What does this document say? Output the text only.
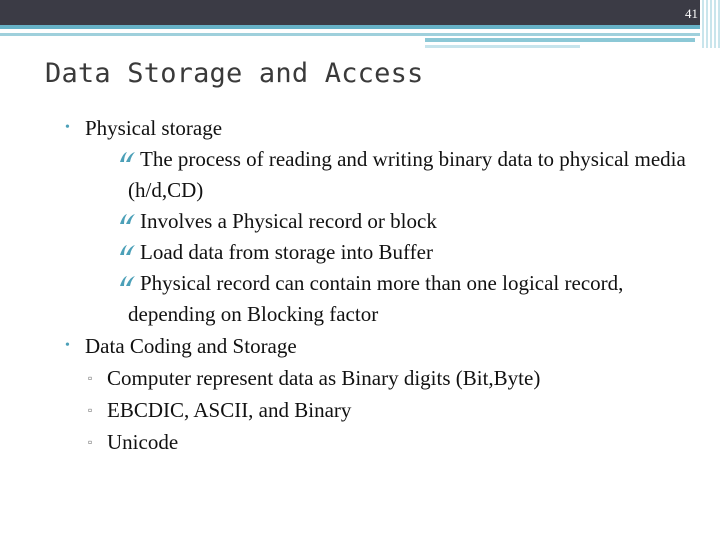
41
Data Storage and Access
• Physical storage
The process of reading and writing binary data to physical media (h/d,CD)
Involves a Physical record or block
Load data from storage into Buffer
Physical record can contain more than one logical record, depending on Blocking factor
• Data Coding and Storage
▫ Computer represent data as Binary digits (Bit,Byte)
▫ EBCDIC, ASCII, and Binary
▫ Unicode
